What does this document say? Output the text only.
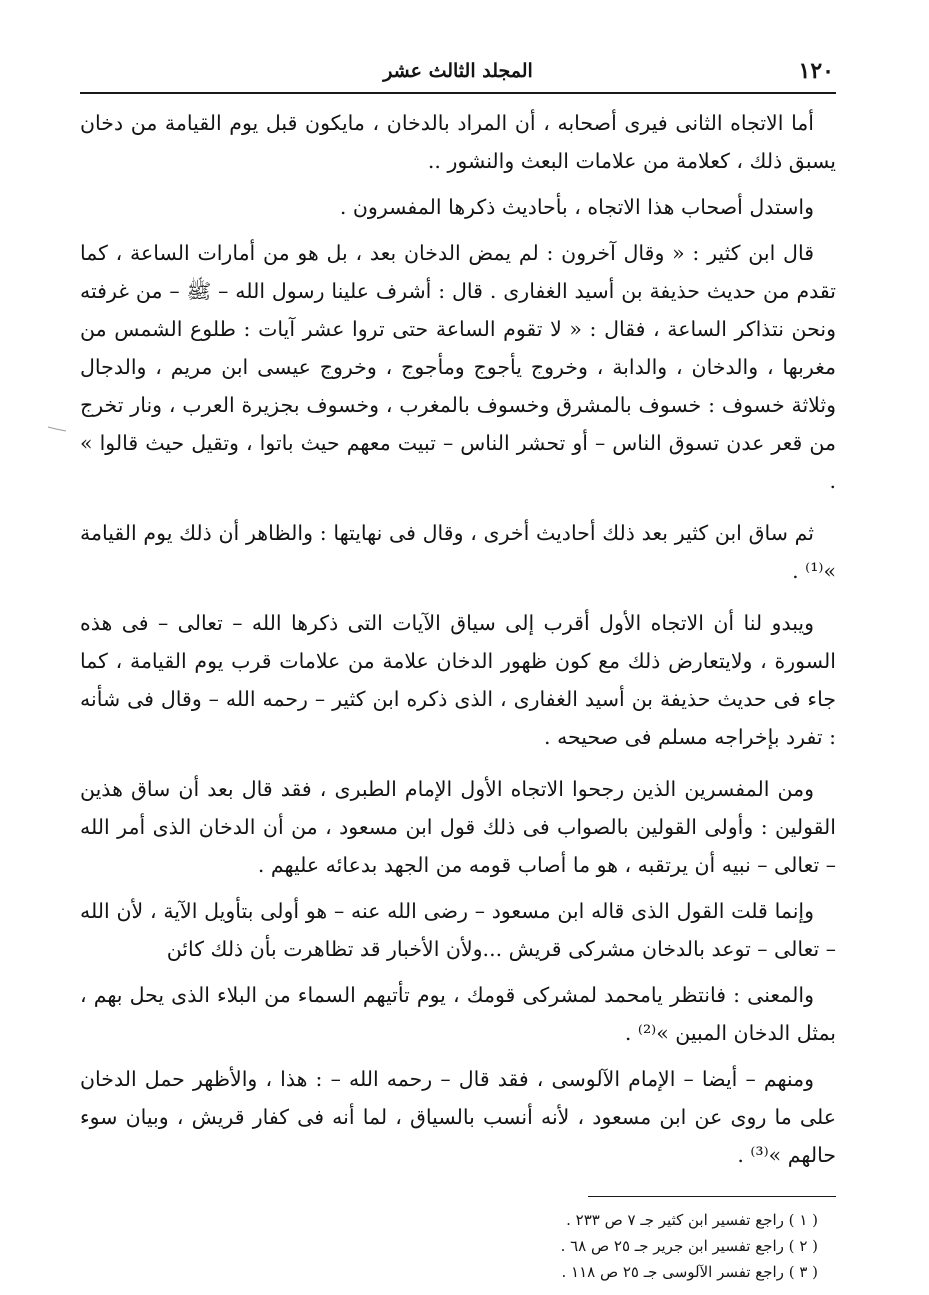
١٢٠
المجلد الثالث عشر

أما الاتجاه الثانى فيرى أصحابه ، أن المراد بالدخان ، مايكون قبل يوم القيامة من دخان يسبق ذلك ، كعلامة من علامات البعث والنشور ..

واستدل أصحاب هذا الاتجاه ، بأحاديث ذكرها المفسرون .

قال ابن كثير : « وقال آخرون : لم يمض الدخان بعد ، بل هو من أمارات الساعة ، كما تقدم من حديث حذيفة بن أسيد الغفارى . قال : أشرف علينا رسول الله – ﷺ – من غرفته ونحن نتذاكر الساعة ، فقال : « لا تقوم الساعة حتى تروا عشر آيات : طلوع الشمس من مغربها ، والدخان ، والدابة ، وخروج يأجوج ومأجوج ، وخروج عيسى ابن مريم ، والدجال وثلاثة خسوف : خسوف بالمشرق وخسوف بالمغرب ، وخسوف بجزيرة العرب ، ونار تخرج من قعر عدن تسوق الناس – أو تحشر الناس – تبيت معهم حيث باتوا ، وتقيل حيث قالوا » .

ثم ساق ابن كثير بعد ذلك أحاديث أخرى ، وقال فى نهايتها : والظاهر أن ذلك يوم القيامة »⁽¹⁾ .

ويبدو لنا أن الاتجاه الأول أقرب إلى سياق الآيات التى ذكرها الله – تعالى – فى هذه السورة ، ولايتعارض ذلك مع كون ظهور الدخان علامة من علامات قرب يوم القيامة ، كما جاء فى حديث حذيفة بن أسيد الغفارى ، الذى ذكره ابن كثير – رحمه الله – وقال فى شأنه : تفرد بإخراجه مسلم فى صحيحه .

ومن المفسرين الذين رجحوا الاتجاه الأول الإمام الطبرى ، فقد قال بعد أن ساق هذين القولين : وأولى القولين بالصواب فى ذلك قول ابن مسعود ، من أن الدخان الذى أمر الله – تعالى – نبيه أن يرتقبه ، هو ما أصاب قومه من الجهد بدعائه عليهم .

وإنما قلت القول الذى قاله ابن مسعود – رضى الله عنه – هو أولى بتأويل الآية ، لأن الله – تعالى – توعد بالدخان مشركى قريش ...ولأن الأخبار قد تظاهرت بأن ذلك كائن

والمعنى : فانتظر يامحمد لمشركى قومك ، يوم تأتيهم السماء من البلاء الذى يحل بهم ، بمثل الدخان المبين »⁽²⁾ .

ومنهم – أيضا – الإمام الآلوسى ، فقد قال – رحمه الله – : هذا ، والأظهر حمل الدخان على ما روى عن ابن مسعود ، لأنه أنسب بالسياق ، لما أنه فى كفار قريش ، وبيان سوء حالهم »⁽³⁾ .

( ١ ) راجع تفسير ابن كثير جـ ٧ ص ٢٣٣ .
( ٢ ) راجع تفسير ابن جرير جـ ٢٥ ص ٦٨ .
( ٣ ) راجع تفسر الآلوسى جـ ٢٥ ص ١١٨ .
